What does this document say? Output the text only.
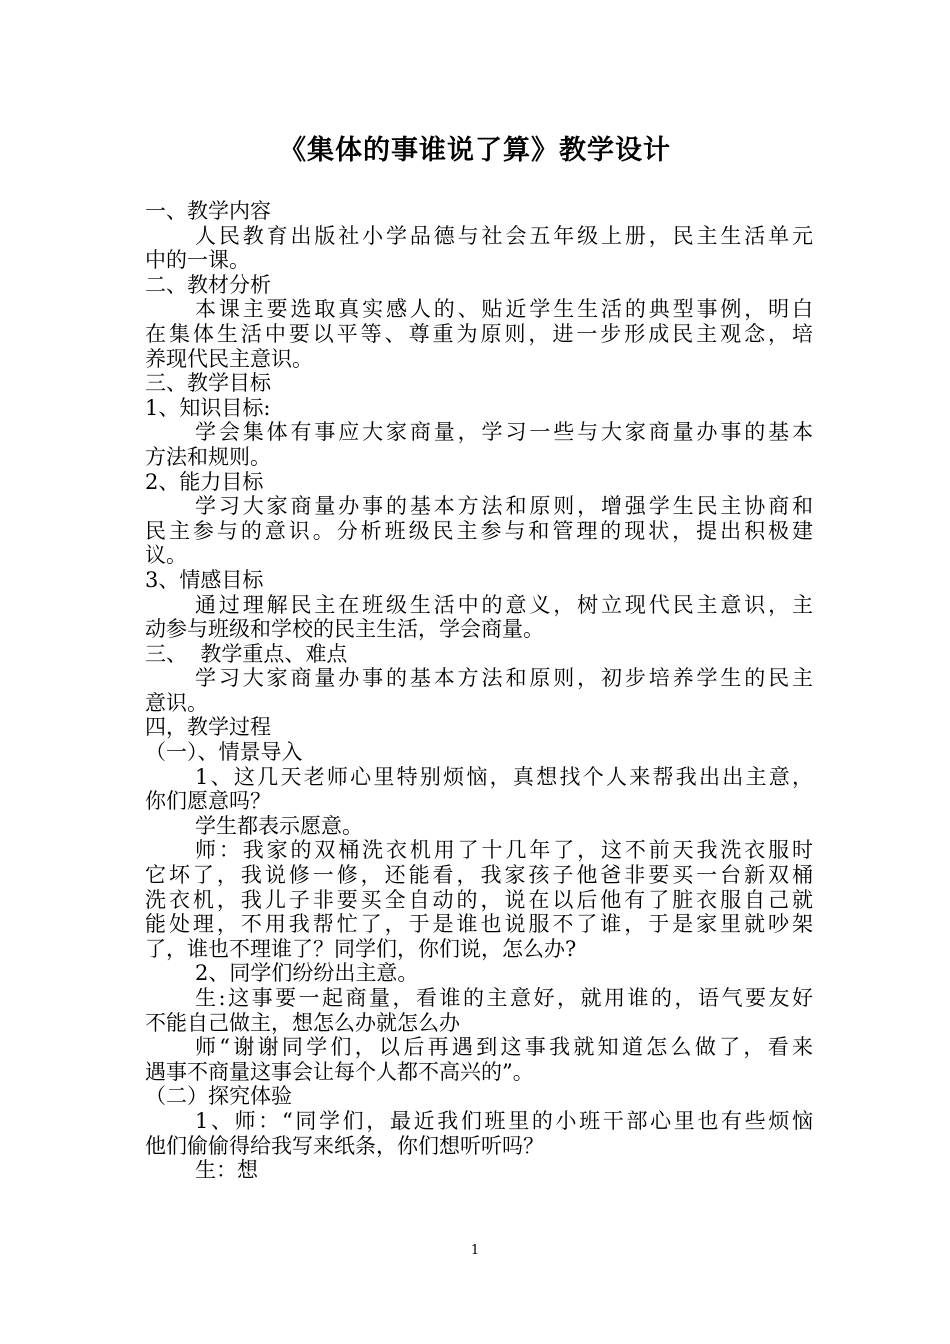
《集体的事谁说了算》教学设计
一、教学内容
人民教育出版社小学品德与社会五年级上册，民主生活单元
中的一课。
二、教材分析
本课主要选取真实感人的、贴近学生生活的典型事例，明白
在集体生活中要以平等、尊重为原则，进一步形成民主观念，培
养现代民主意识。
三、教学目标
1、知识目标:
学会集体有事应大家商量，学习一些与大家商量办事的基本
方法和规则。
2、能力目标
学习大家商量办事的基本方法和原则，增强学生民主协商和
民主参与的意识。分析班级民主参与和管理的现状，提出积极建
议。
3、情感目标
通过理解民主在班级生活中的意义，树立现代民主意识，主
动参与班级和学校的民主生活，学会商量。
三、  教学重点、难点
学习大家商量办事的基本方法和原则，初步培养学生的民主
意识。
四，教学过程
（一）、情景导入
1、这几天老师心里特别烦恼，真想找个人来帮我出出主意，
你们愿意吗？
学生都表示愿意。
师：我家的双桶洗衣机用了十几年了，这不前天我洗衣服时
它坏了，我说修一修，还能看，我家孩子他爸非要买一台新双桶
洗衣机，我儿子非要买全自动的，说在以后他有了脏衣服自己就
能处理，不用我帮忙了，于是谁也说服不了谁，于是家里就吵架
了，谁也不理谁了？同学们，你们说，怎么办?
2、同学们纷纷出主意。
生:这事要一起商量，看谁的主意好，就用谁的，语气要友好
不能自己做主，想怎么办就怎么办
师“谢谢同学们，以后再遇到这事我就知道怎么做了，看来
遇事不商量这事会让每个人都不高兴的”。
（二）探究体验
1、师：“同学们，最近我们班里的小班干部心里也有些烦恼
他们偷偷得给我写来纸条，你们想听听吗？
生：想
1
